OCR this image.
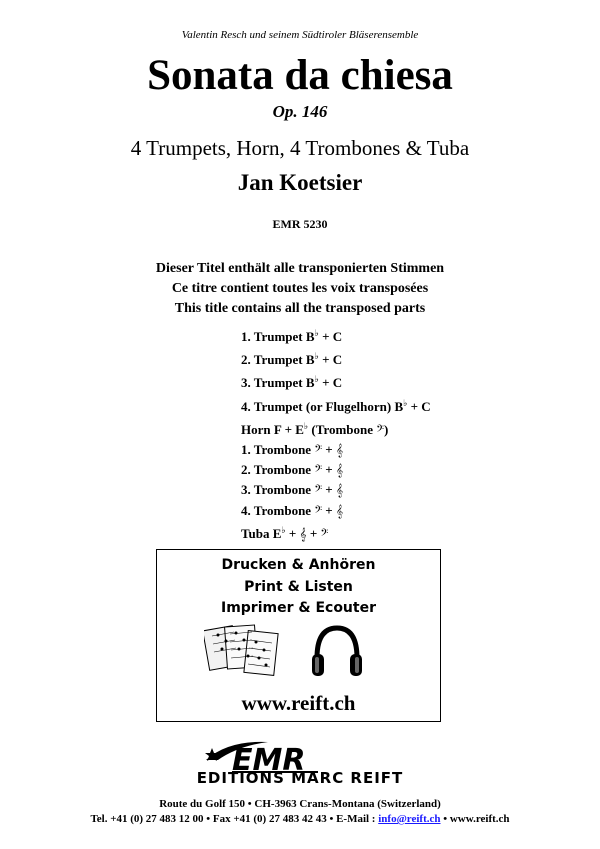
Valentin Resch und seinem Südtiroler Bläserensemble
Sonata da chiesa
Op. 146
4 Trumpets, Horn, 4 Trombones & Tuba
Jan Koetsier
EMR 5230
Dieser Titel enthält alle transponierten Stimmen
Ce titre contient toutes les voix transposées
This title contains all the transposed parts
1. Trumpet B♭ + C
2. Trumpet B♭ + C
3. Trumpet B♭ + C
4. Trumpet (or Flugelhorn) B♭ + C
Horn F + E♭ (Trombone 𝄢)
1. Trombone 𝄢 + 𝄞
2. Trombone 𝄢 + 𝄞
3. Trombone 𝄢 + 𝄞
4. Trombone 𝄢 + 𝄞
Tuba E♭ + 𝄞 + 𝄢
Drucken & Anhören
Print & Listen
Imprimer & Ecouter
www.reift.ch
EMR
EDITIONS MARC REIFT
Route du Golf 150 • CH-3963 Crans-Montana (Switzerland)
Tel. +41 (0) 27 483 12 00 • Fax +41 (0) 27 483 42 43 • E-Mail : info@reift.ch • www.reift.ch
